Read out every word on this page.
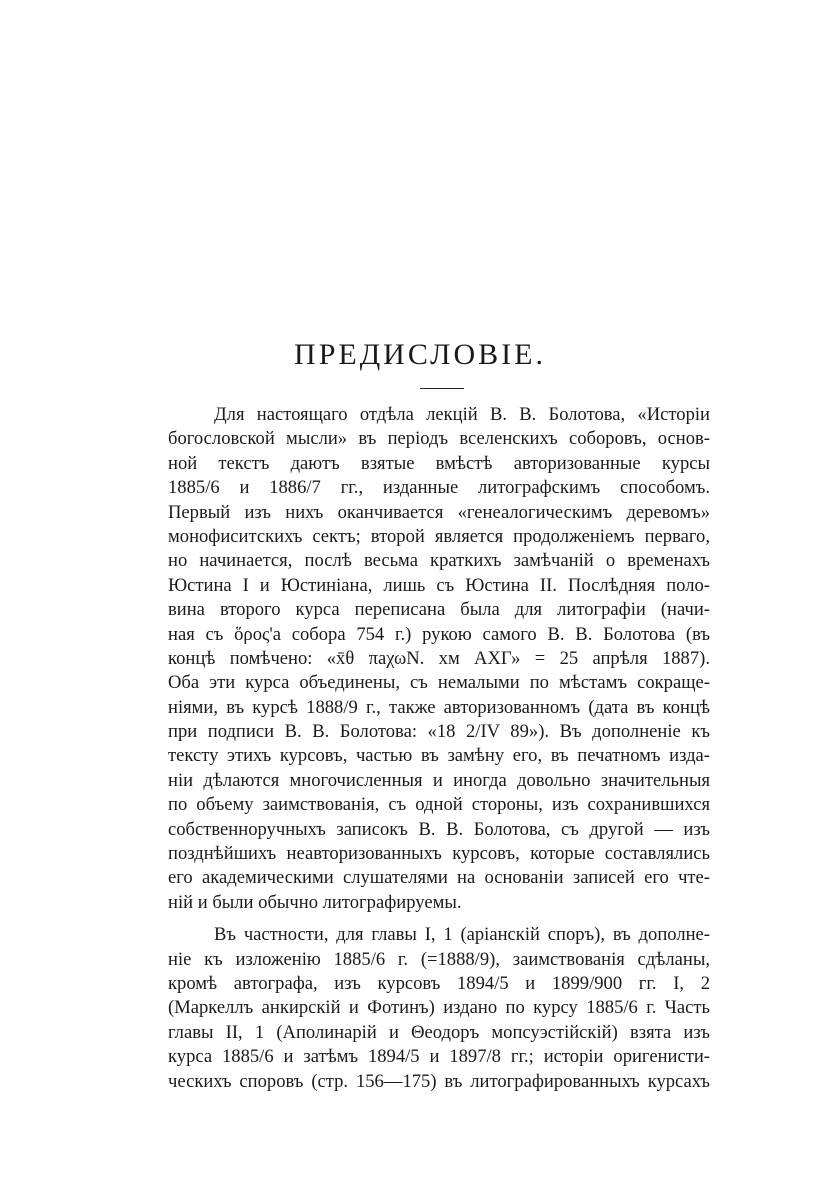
ПРЕДИСЛОВIЕ.
Для настоящаго отдѣла лекцій В. В. Болотова, «Исторіи
богословской мысли» въ періодъ вселенскихъ соборовъ, основ-
ной текстъ даютъ взятые вмѣстѣ авторизованные курсы
1885/6 и 1886/7 гг., изданные литографскимъ способомъ.
Первый изъ нихъ оканчивается «генеалогическимъ деревомъ»
монофиситскихъ сектъ; второй является продолженіемъ перваго,
но начинается, послѣ весьма краткихъ замѣчаній о временахъ
Юстина I и Юстиніана, лишь съ Юстина II. Послѣдняя поло-
вина второго курса переписана была для литографіи (начи-
ная съ ὅρος'а собора 754 г.) рукою самого В. В. Болотова (въ
концѣ помѣчено: «x̄θ πaχωN. xм AXГ» = 25 апрѣля 1887).
Оба эти курса объединены, съ немалыми по мѣстамъ сокраще-
ніями, въ курсѣ 1888/9 г., также авторизованномъ (дата въ концѣ
при подписи В. В. Болотова: «18 2/IV 89»). Въ дополненіе къ
тексту этихъ курсовъ, частью въ замѣну его, въ печатномъ изда-
ніи дѣлаются многочисленныя и иногда довольно значительныя
по объему заимствованія, съ одной стороны, изъ сохранившихся
собственноручныхъ записокъ В. В. Болотова, съ другой — изъ
позднѣйшихъ неавторизованныхъ курсовъ, которые составлялись
его академическими слушателями на основаніи записей его чте-
ній и были обычно литографируемы.
Въ частности, для главы I, 1 (аріанскій споръ), въ дополне-
ніе къ изложенію 1885/6 г. (=1888/9), заимствованія сдѣланы,
кромѣ автографа, изъ курсовъ 1894/5 и 1899/900 гг. I, 2
(Маркеллъ анкирскій и Фотинъ) издано по курсу 1885/6 г. Часть
главы II, 1 (Аполинарій и Θеодоръ мопсуэстійскій) взята изъ
курса 1885/6 и затѣмъ 1894/5 и 1897/8 гг.; исторіи оригенисти-
ческихъ споровъ (стр. 156—175) въ литографированныхъ курсахъ
